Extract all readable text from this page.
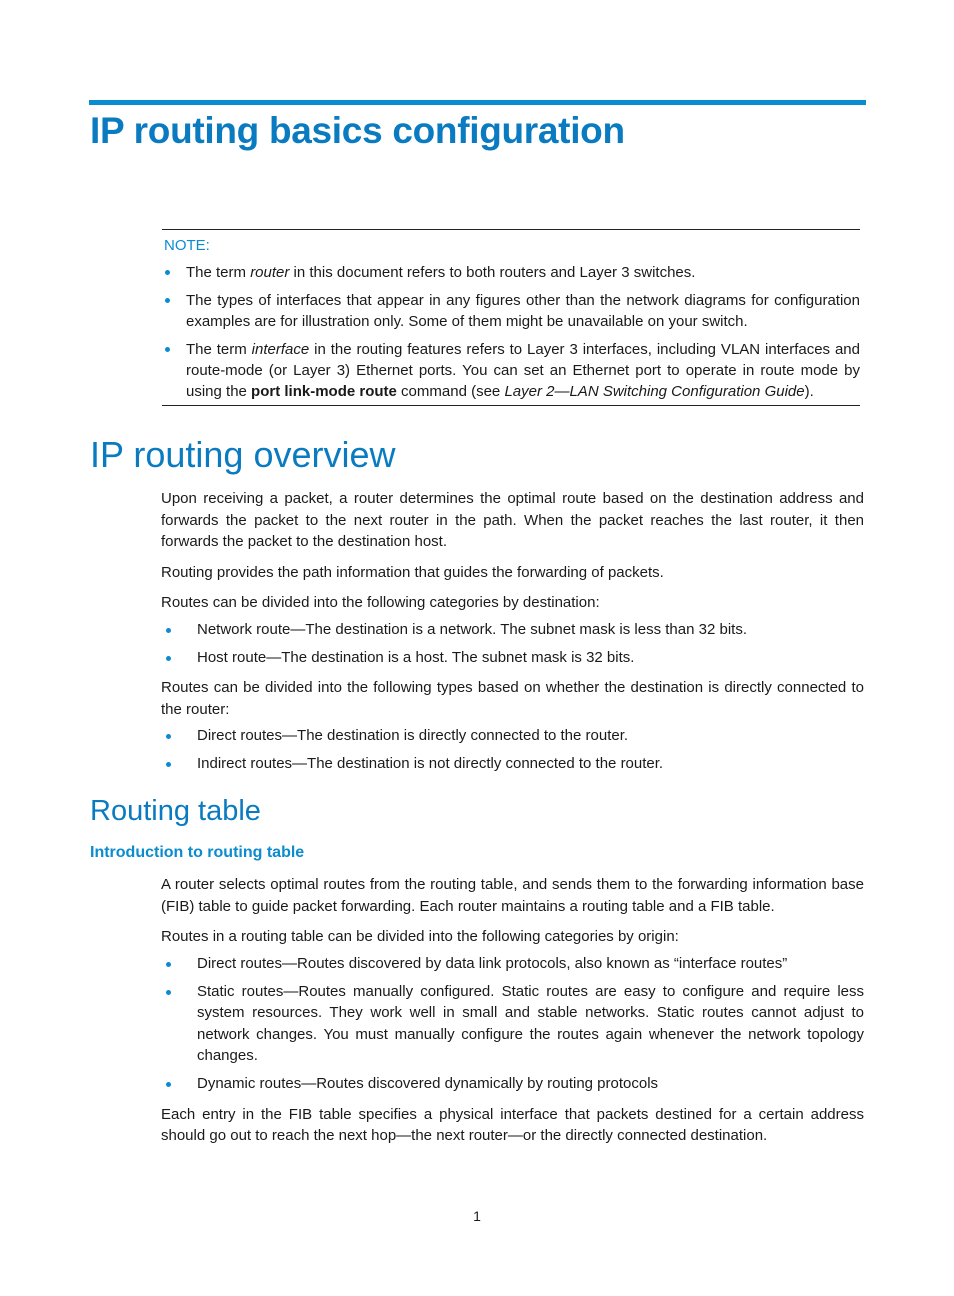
IP routing basics configuration
NOTE:
The term router in this document refers to both routers and Layer 3 switches.
The types of interfaces that appear in any figures other than the network diagrams for configuration examples are for illustration only. Some of them might be unavailable on your switch.
The term interface in the routing features refers to Layer 3 interfaces, including VLAN interfaces and route-mode (or Layer 3) Ethernet ports. You can set an Ethernet port to operate in route mode by using the port link-mode route command (see Layer 2—LAN Switching Configuration Guide).
IP routing overview

Upon receiving a packet, a router determines the optimal route based on the destination address and forwards the packet to the next router in the path. When the packet reaches the last router, it then forwards the packet to the destination host.

Routing provides the path information that guides the forwarding of packets.

Routes can be divided into the following categories by destination:

Network route—The destination is a network. The subnet mask is less than 32 bits.
Host route—The destination is a host. The subnet mask is 32 bits.

Routes can be divided into the following types based on whether the destination is directly connected to the router:

Direct routes—The destination is directly connected to the router.
Indirect routes—The destination is not directly connected to the router.
Routing table
Introduction to routing table

A router selects optimal routes from the routing table, and sends them to the forwarding information base (FIB) table to guide packet forwarding. Each router maintains a routing table and a FIB table.

Routes in a routing table can be divided into the following categories by origin:

Direct routes—Routes discovered by data link protocols, also known as “interface routes”
Static routes—Routes manually configured. Static routes are easy to configure and require less system resources. They work well in small and stable networks. Static routes cannot adjust to network changes. You must manually configure the routes again whenever the network topology changes.
Dynamic routes—Routes discovered dynamically by routing protocols

Each entry in the FIB table specifies a physical interface that packets destined for a certain address should go out to reach the next hop—the next router—or the directly connected destination.

1
